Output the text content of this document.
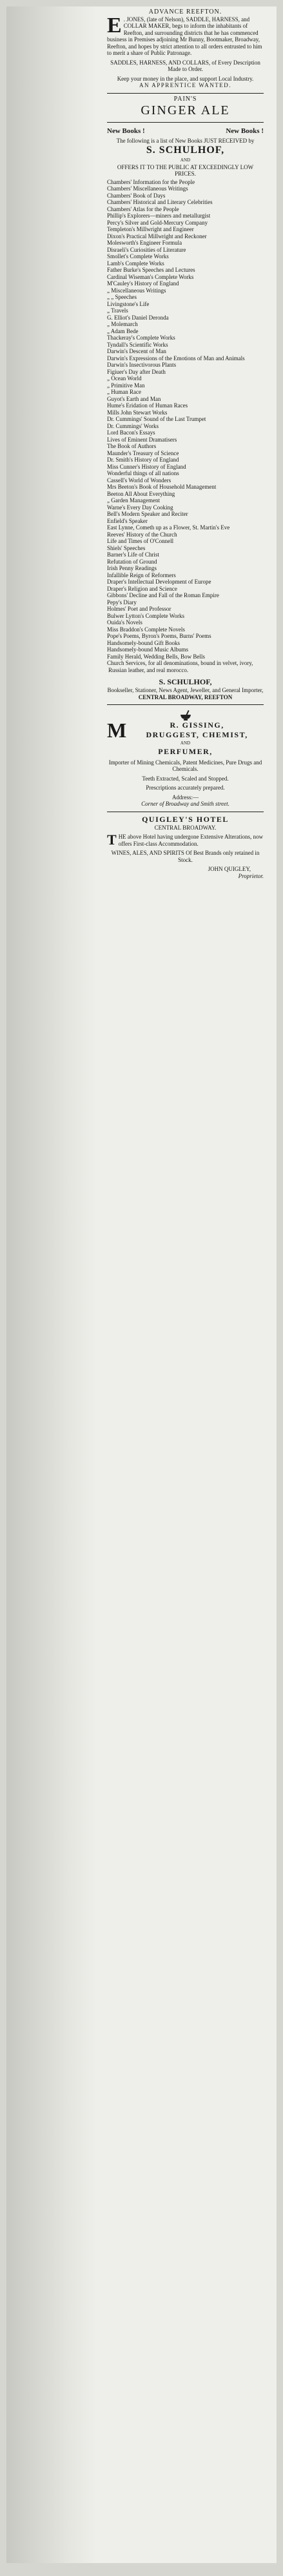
ADVANCE REEFTON.
E . JONES, (late of Nelson), SADDLE, HARNESS, and COLLAR MAKER, begs to inform the inhabitants of Reefton, and surrounding districts that he has commenced business in Premises adjoining Mr Bunny, Bootmaker, Broadway, Reefton, and hopes by strict attention to all orders entrusted to him to merit a share of Public Patronage.
SADDLES, HARNESS, AND COLLARS, of Every Description Made to Order.
Keep your money in the place, and support Local Industry.
AN APPRENTICE WANTED.
PAIN'S
GINGER ALE
New Books !	New Books !
The following is a list of New Books JUST RECEIVED by
S. SCHULHOF,
AND
OFFERS IT TO THE PUBLIC AT EXCEEDINGLY LOW PRICES.
Chambers' Information for the People
Chambers' Miscellaneous Writings
Chambers' Book of Days
Chambers' Historical and Literary Celebrities
Chambers' Atlas for the People
Phillip's Explorers—miners and metallurgist
Percy's Silver and Gold-Mercury Company
Templeton's Millwright and Engineer
Dixon's Practical Millwright and Reckoner
Molesworth's Engineer Formula
Disraeli's Curiosities of Literature
Smollet's Complete Works
Lamb's Complete Works
Father Burke's Speeches and Lectures
Cardinal Wiseman's Complete Works
M'Cauley's History of England
„ Miscellaneous Writings
„ „ Speeches
Livingstone's Life
„ Travels
G. Elliot's Daniel Deronda
„ Molemarch
„ Adam Bede
Thackeray's Complete Works
Tyndall's Scientific Works
Darwin's Descent of Man
Darwin's Expressions of the Emotions of Man and Animals
Darwin's Insectivorous Plants
Figiuer's Day after Death
„ Ocean World
„ Primitive Man
„ Human Race
Guyot's Earth and Man
Hume's Eridation of Human Races
Mills John Stewart Works
Dr. Cummings' Sound of the Last Trumpet
Dr. Cummings' Works
Lord Bacon's Essays
Lives of Eminent Dramatisers
The Book of Authors
Maunder's Treasury of Science
Dr. Smith's History of England
Miss Cunner's History of England
Wonderful things of all nations
Cassell's World of Wonders
Mrs Beeton's Book of Household Management
Beeton All About Everything
„ Garden Management
Warne's Every Day Cooking
Bell's Modern Speaker and Reciter
Enfield's Speaker
East Lynne, Cometh up as a Flower, St. Martin's Eve
Reeves' History of the Church
Life and Times of O'Connell
Shiels' Speeches
Barner's Life of Christ
Refutation of Ground
Irish Penny Readings
Infallible Reign of Reformers
Draper's Intellectual Development of Europe
Draper's Religion and Science
Gibbons' Decline and Fall of the Roman Empire
Pepy's Diary
Holmes' Poet and Professor
Bulwer Lytton's Complete Works
Ouida's Novels
Miss Braddon's Complete Novels
Pope's Poems, Byron's Poems, Burns' Poems
Handsomely-bound Gift Books
Handsomely-bound Music Albums
Family Herald, Wedding Bells, Bow Bells
Church Services, for all denominations, bound in velvet, ivory, Russian leather, and real morocco.
S. SCHULHOF,
Bookseller, Stationer, News Agent, Jeweller, and General Importer,
CENTRAL BROADWAY, REEFTON
M	R. GISSING,
DRUGGEST, CHEMIST,
AND
PERFUMER,
Importer of Mining Chemicals, Patent Medicines, Pure Drugs and Chemicals.
Teeth Extracted, Scaled and Stopped.
Prescriptions accurately prepared.
Address:—
Corner of Broadway and Smith street.
QUIGLEY'S HOTEL
CENTRAL BROADWAY.
T HE above Hotel having undergone Extensive Alterations, now offers First-class Accommodation.
WINES, ALES, AND SPIRITS Of Best Brands only retained in Stock.
JOHN QUIGLEY,
Proprietor.
